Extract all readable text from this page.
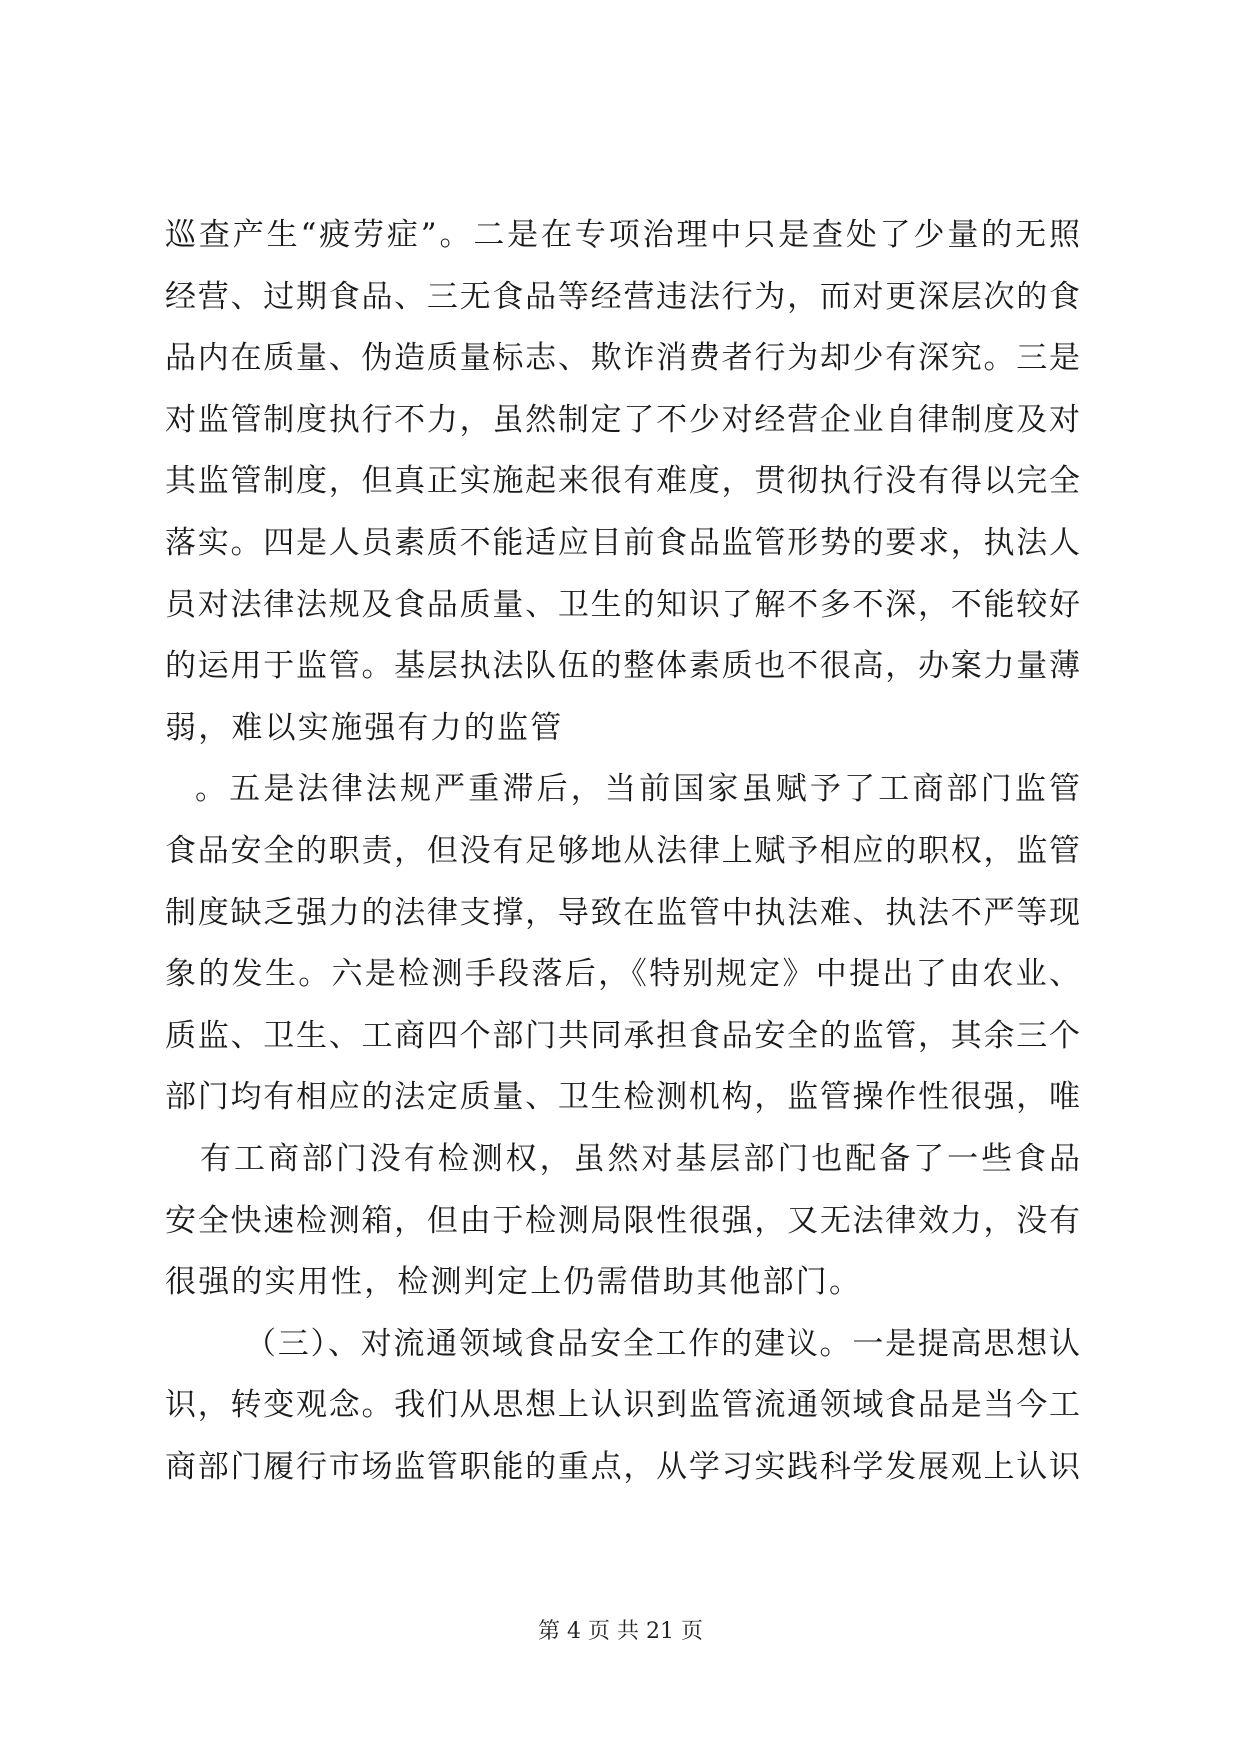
巡查产生“疲劳症”。二是在专项治理中只是查处了少量的无照
经营、过期食品、三无食品等经营违法行为，而对更深层次的食
品内在质量、伪造质量标志、欺诈消费者行为却少有深究。三是
对监管制度执行不力，虽然制定了不少对经营企业自律制度及对
其监管制度，但真正实施起来很有难度，贯彻执行没有得以完全
落实。四是人员素质不能适应目前食品监管形势的要求，执法人
员对法律法规及食品质量、卫生的知识了解不多不深，不能较好
的运用于监管。基层执法队伍的整体素质也不很高，办案力量薄
弱，难以实施强有力的监管
。五是法律法规严重滞后，当前国家虽赋予了工商部门监管
食品安全的职责，但没有足够地从法律上赋予相应的职权，监管
制度缺乏强力的法律支撑，导致在监管中执法难、执法不严等现
象的发生。六是检测手段落后，《特别规定》中提出了由农业、
质监、卫生、工商四个部门共同承担食品安全的监管，其余三个
部门均有相应的法定质量、卫生检测机构，监管操作性很强，唯
有工商部门没有检测权，虽然对基层部门也配备了一些食品
安全快速检测箱，但由于检测局限性很强，又无法律效力，没有
很强的实用性，检测判定上仍需借助其他部门。
（三）、对流通领域食品安全工作的建议。一是提高思想认
识，转变观念。我们从思想上认识到监管流通领域食品是当今工
商部门履行市场监管职能的重点，从学习实践科学发展观上认识
第 4 页 共 21 页
